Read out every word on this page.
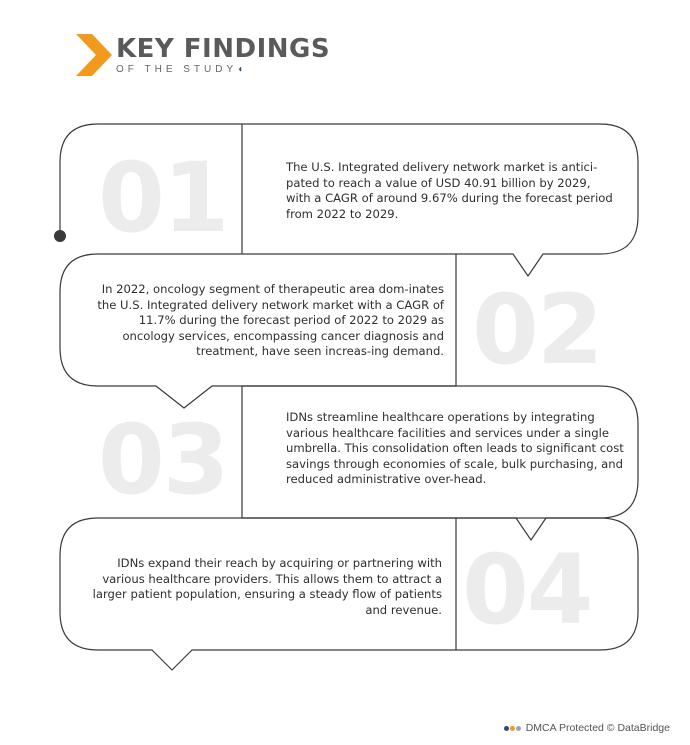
KEY FINDINGS
OF THE STUDY◖
01	The U.S. Integrated delivery network market is antici-pated to reach a value of USD 40.91 billion by 2029, with a CAGR of around 9.67% during the forecast period from 2022 to 2029.
02
In 2022, oncology segment of therapeutic area dom-inates the U.S. Integrated delivery network market with a CAGR of 11.7% during the forecast period of 2022 to 2029 as oncology services, encompassing cancer diagnosis and treatment, have seen increas-ing demand.
03	IDNs streamline healthcare operations by integrating various healthcare facilities and services under a single umbrella. This consolidation often leads to significant cost savings through economies of scale, bulk purchasing, and reduced administrative over-head.
04
IDNs expand their reach by acquiring or partnering with various healthcare providers. This allows them to attract a larger patient population, ensuring a steady flow of patients and revenue.
DMCA Protected © DataBridge
